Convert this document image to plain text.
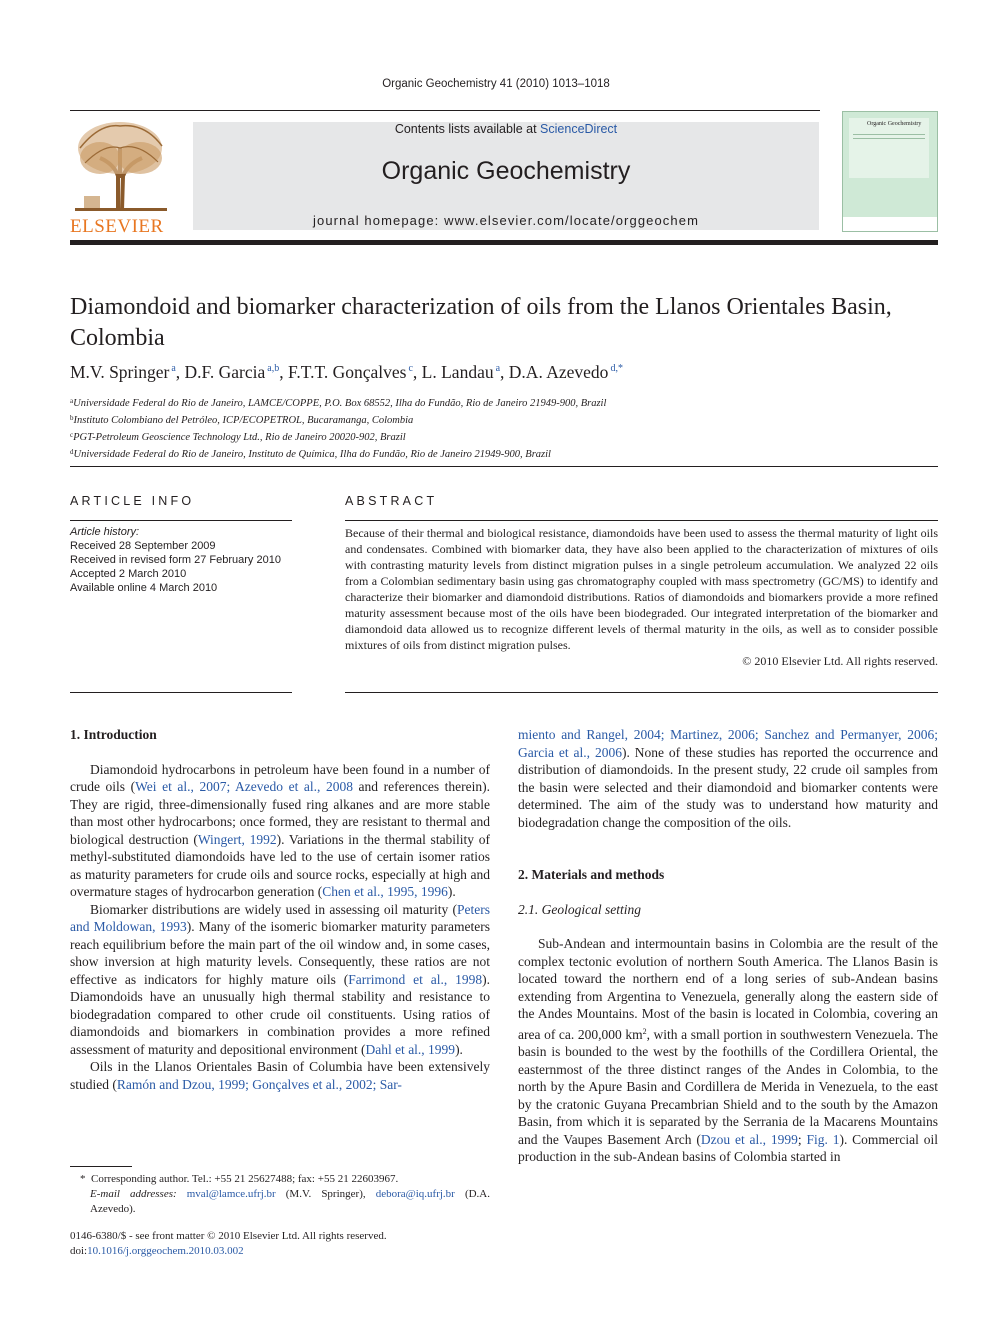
Organic Geochemistry 41 (2010) 1013–1018
ELSEVIER
Contents lists available at ScienceDirect
Organic Geochemistry
journal homepage: www.elsevier.com/locate/orggeochem
Organic Geochemistry
Diamondoid and biomarker characterization of oils from the Llanos Orientales Basin, Colombia
M.V. Springer $^a$, D.F. Garcia $^{a,b}$, F.T.T. Gonçalves $^c$, L. Landau $^a$, D.A. Azevedo $^{d,*}$
$^a$Universidade Federal do Rio de Janeiro, LAMCE/COPPE, P.O. Box 68552, Ilha do Fundão, Rio de Janeiro 21949-900, Brazil
$^b$Instituto Colombiano del Petróleo, ICP/ECOPETROL, Bucaramanga, Colombia
$^c$PGT-Petroleum Geoscience Technology Ltd., Rio de Janeiro 20020-902, Brazil
$^d$Universidade Federal do Rio de Janeiro, Instituto de Química, Ilha do Fundão, Rio de Janeiro 21949-900, Brazil
ARTICLE INFO
Article history:
Received 28 September 2009
Received in revised form 27 February 2010
Accepted 2 March 2010
Available online 4 March 2010
ABSTRACT
Because of their thermal and biological resistance, diamondoids have been used to assess the thermal maturity of light oils and condensates. Combined with biomarker data, they have also been applied to the characterization of mixtures of oils with contrasting maturity levels from distinct migration pulses in a single petroleum accumulation. We analyzed 22 oils from a Colombian sedimentary basin using gas chromatography coupled with mass spectrometry (GC/MS) to identify and characterize their biomarker and diamondoid distributions. Ratios of diamondoids and biomarkers provide a more refined maturity assessment because most of the oils have been biodegraded. Our integrated interpretation of the biomarker and diamondoid data allowed us to recognize different levels of thermal maturity in the oils, as well as to consider possible mixtures of oils from distinct migration pulses.
© 2010 Elsevier Ltd. All rights reserved.
1. Introduction

Diamondoid hydrocarbons in petroleum have been found in a number of crude oils (Wei et al., 2007; Azevedo et al., 2008 and references therein). They are rigid, three-dimensionally fused ring alkanes and are more stable than most other hydrocarbons; once formed, they are resistant to thermal and biological destruction (Wingert, 1992). Variations in the thermal stability of methyl-substituted diamondoids have led to the use of certain isomer ratios as maturity parameters for crude oils and source rocks, especially at high and overmature stages of hydrocarbon generation (Chen et al., 1995, 1996).

Biomarker distributions are widely used in assessing oil maturity (Peters and Moldowan, 1993). Many of the isomeric biomarker maturity parameters reach equilibrium before the main part of the oil window and, in some cases, show inversion at high maturity levels. Consequently, these ratios are not effective as indicators for highly mature oils (Farrimond et al., 1998). Diamondoids have an unusually high thermal stability and resistance to biodegradation compared to other crude oil constituents. Using ratios of diamondoids and biomarkers in combination provides a more refined assessment of maturity and depositional environment (Dahl et al., 1999).

Oils in the Llanos Orientales Basin of Columbia have been extensively studied (Ramón and Dzou, 1999; Gonçalves et al., 2002; Sar-

miento and Rangel, 2004; Martinez, 2006; Sanchez and Permanyer, 2006; Garcia et al., 2006). None of these studies has reported the occurrence and distribution of diamondoids. In the present study, 22 crude oil samples from the basin were selected and their diamondoid and biomarker contents were determined. The aim of the study was to understand how maturity and biodegradation change the composition of the oils.

2. Materials and methods
2.1. Geological setting

Sub-Andean and intermountain basins in Colombia are the result of the complex tectonic evolution of northern South America. The Llanos Basin is located toward the northern end of a long series of sub-Andean basins extending from Argentina to Venezuela, generally along the eastern side of the Andes Mountains. Most of the basin is located in Colombia, covering an area of ca. 200,000 $km^2$, with a small portion in southwestern Venezuela. The basin is bounded to the west by the foothills of the Cordillera Oriental, the easternmost of the three distinct ranges of the Andes in Colombia, to the north by the Apure Basin and Cordillera de Merida in Venezuela, to the east by the cratonic Guyana Precambrian Shield and to the south by the Amazon Basin, from which it is separated by the Serrania de la Macarens Mountains and the Vaupes Basement Arch (Dzou et al., 1999; Fig. 1). Commercial oil production in the sub-Andean basins of Colombia started in

* Corresponding author. Tel.: +55 21 25627488; fax: +55 21 22603967.
E-mail addresses: mval@lamce.ufrj.br (M.V. Springer), debora@iq.ufrj.br (D.A. Azevedo).
0146-6380/$ - see front matter © 2010 Elsevier Ltd. All rights reserved.
doi:10.1016/j.orggeochem.2010.03.002
